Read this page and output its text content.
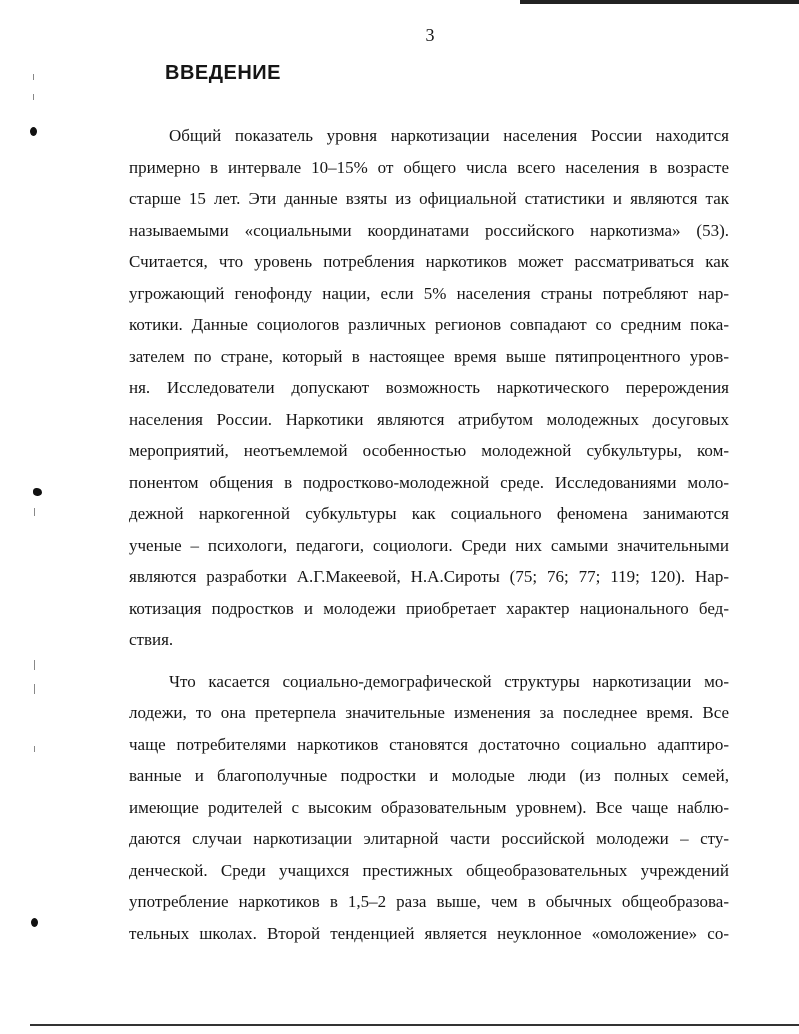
3
ВВЕДЕНИЕ
Общий показатель уровня наркотизации населения России находится
примерно в интервале 10–15% от общего числа всего населения в возрасте
старше 15 лет. Эти данные взяты из официальной статистики и являются так
называемыми «социальными координатами российского наркотизма» (53).
Считается, что уровень потребления наркотиков может рассматриваться как
угрожающий генофонду нации, если 5% населения страны потребляют нар-
котики. Данные социологов различных регионов совпадают со средним пока-
зателем по стране, который в настоящее время выше пятипроцентного уров-
ня. Исследователи допускают возможность наркотического перерождения
населения России. Наркотики являются атрибутом молодежных досуговых
мероприятий, неотъемлемой особенностью молодежной субкультуры, ком-
понентом общения в подростково-молодежной среде. Исследованиями моло-
дежной наркогенной субкультуры как социального феномена занимаются
ученые – психологи, педагоги, социологи. Среди них самыми значительными
являются разработки А.Г.Макеевой, Н.А.Сироты (75; 76; 77; 119; 120). Нар-
котизация подростков и молодежи приобретает характер национального бед-
ствия.
Что касается социально-демографической структуры наркотизации мо-
лодежи, то она претерпела значительные изменения за последнее время. Все
чаще потребителями наркотиков становятся достаточно социально адаптиро-
ванные и благополучные подростки и молодые люди (из полных семей,
имеющие родителей с высоким образовательным уровнем). Все чаще наблю-
даются случаи наркотизации элитарной части российской молодежи – сту-
денческой. Среди учащихся престижных общеобразовательных учреждений
употребление наркотиков в 1,5–2 раза выше, чем в обычных общеобразова-
тельных школах. Второй тенденцией является неуклонное «омоложение» со-
